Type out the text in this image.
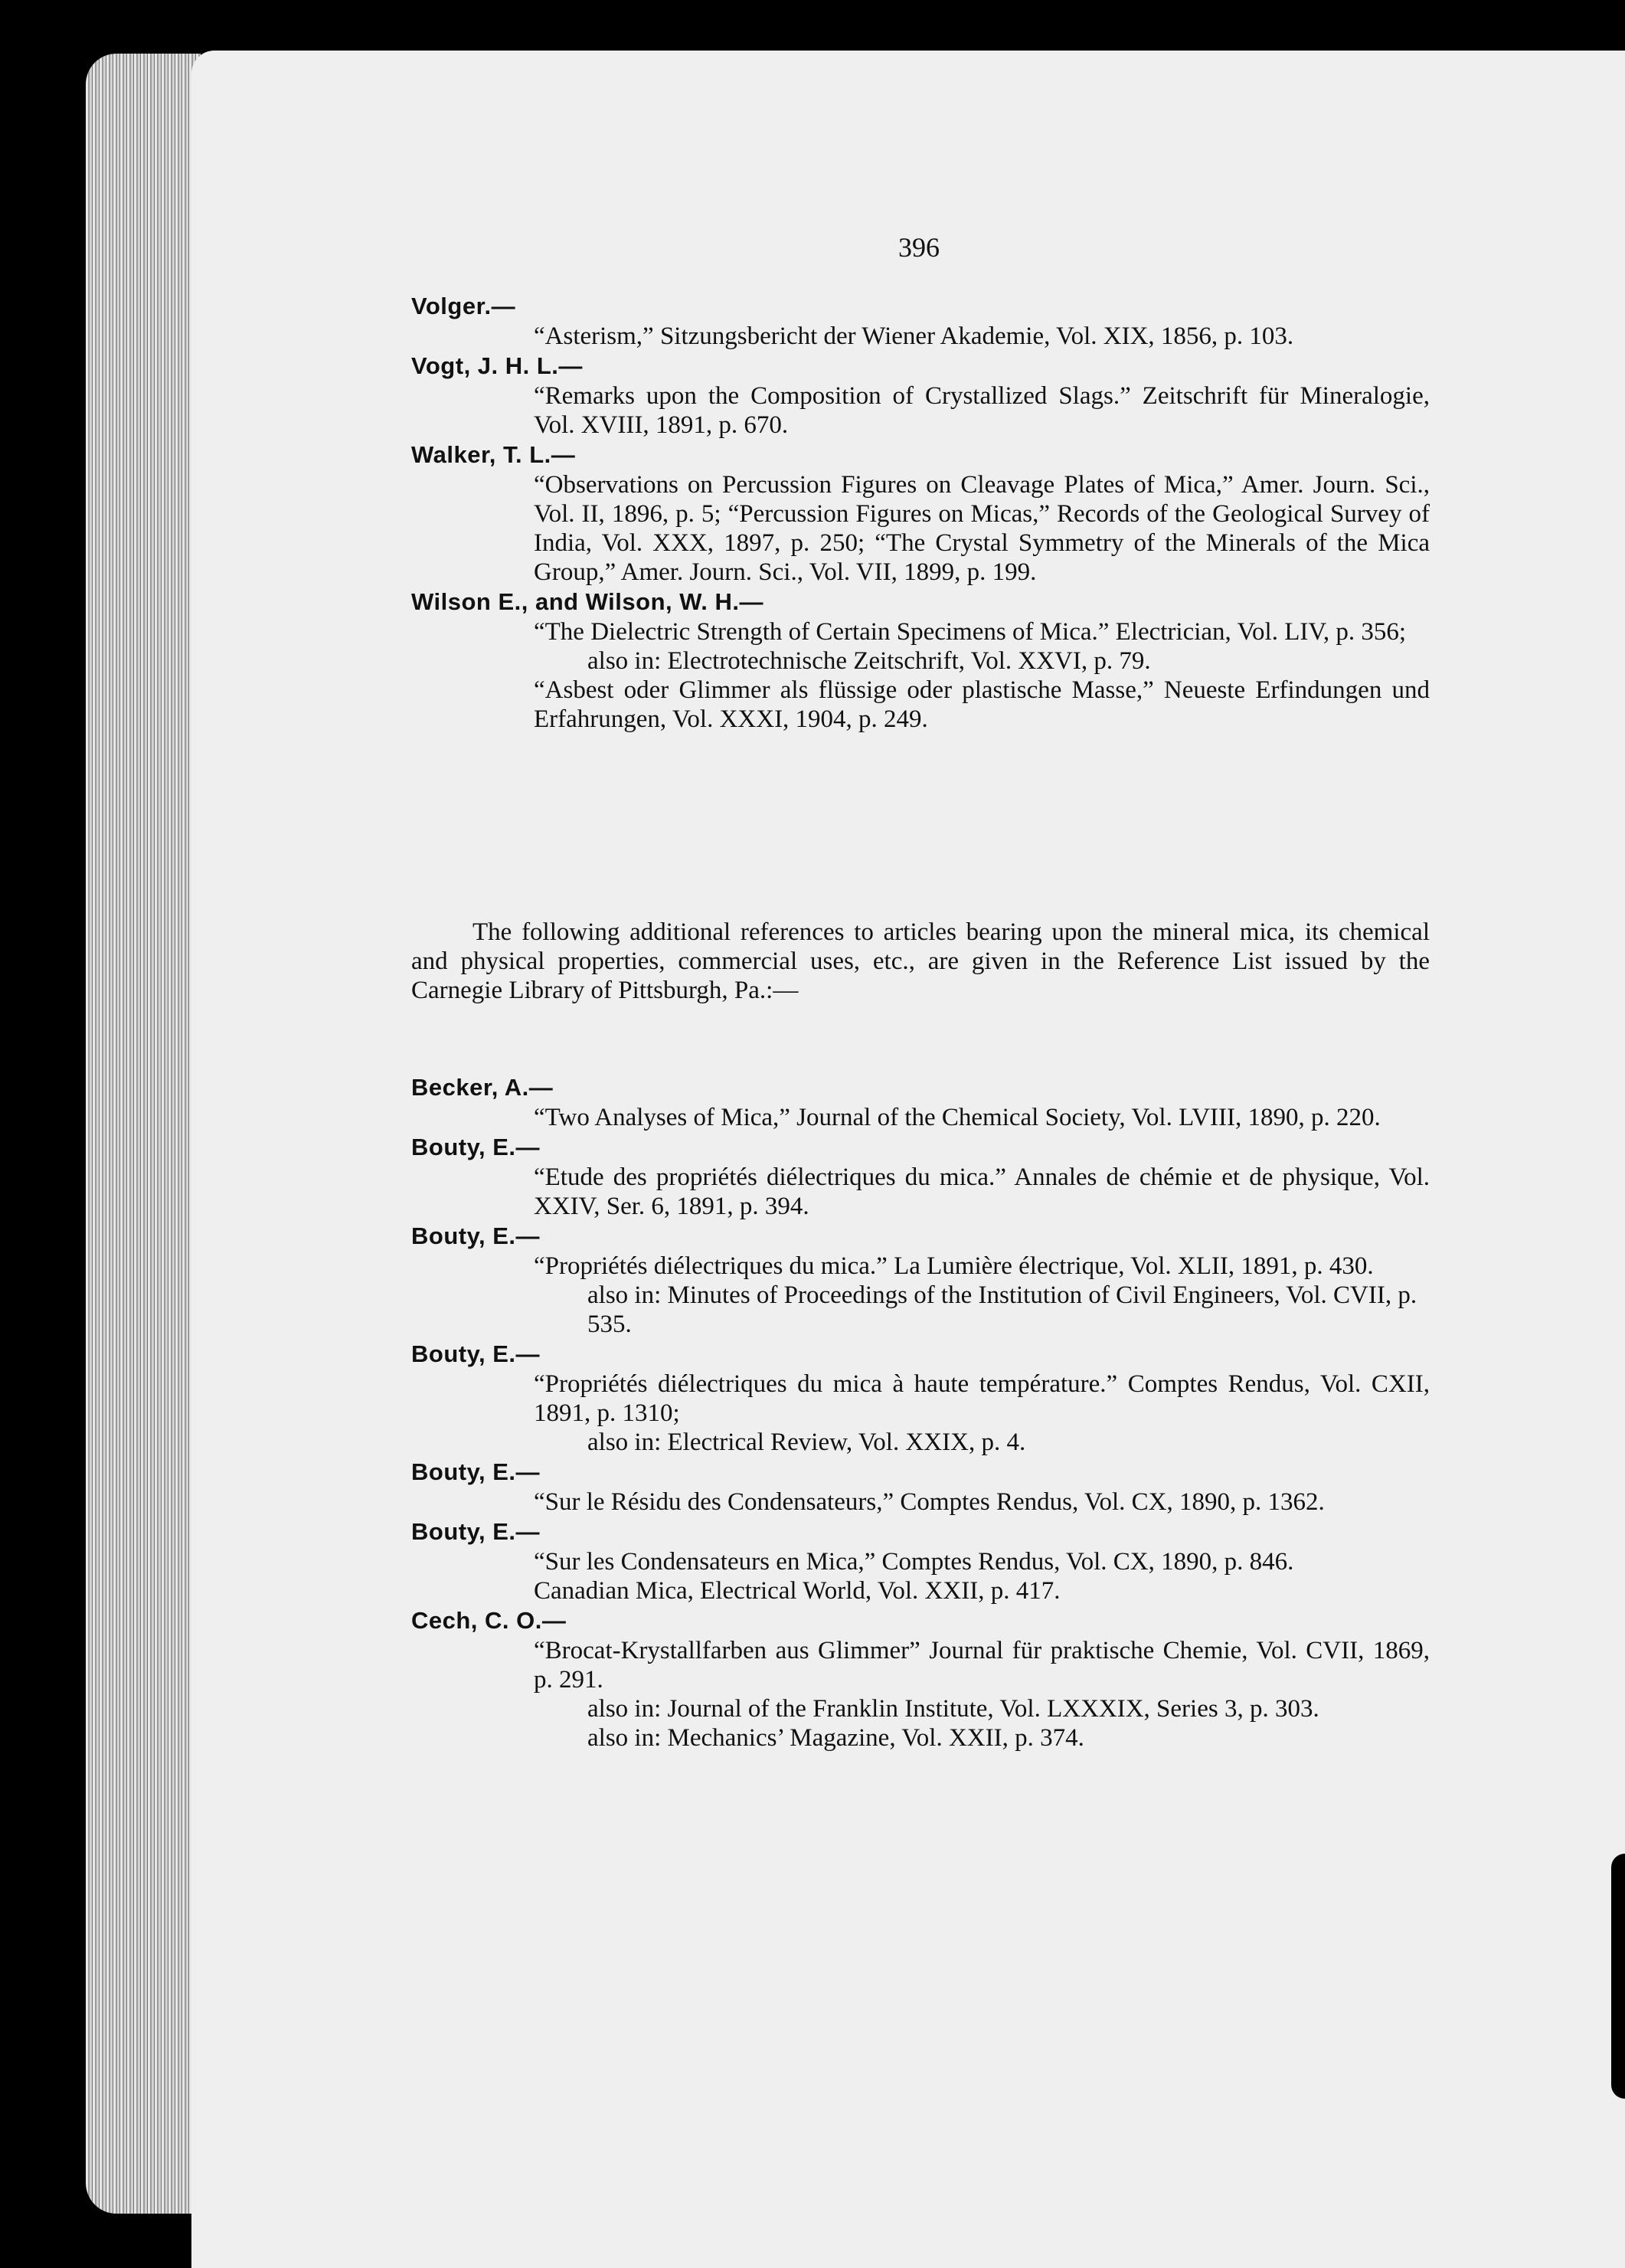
396
Volger.—
“Asterism,” Sitzungsbericht der Wiener Akademie, Vol. XIX, 1856, p. 103.
Vogt, J. H. L.—
“Remarks upon the Composition of Crystallized Slags.” Zeitschrift für Mineralogie, Vol. XVIII, 1891, p. 670.
Walker, T. L.—
“Observations on Percussion Figures on Cleavage Plates of Mica,” Amer. Journ. Sci., Vol. II, 1896, p. 5; “Percussion Figures on Micas,” Records of the Geological Survey of India, Vol. XXX, 1897, p. 250; “The Crystal Symmetry of the Minerals of the Mica Group,” Amer. Journ. Sci., Vol. VII, 1899, p. 199.
Wilson E., and Wilson, W. H.—
“The Dielectric Strength of Certain Specimens of Mica.” Electrician, Vol. LIV, p. 356;
also in: Electrotechnische Zeitschrift, Vol. XXVI, p. 79.
“Asbest oder Glimmer als flüssige oder plastische Masse,” Neueste Erfindungen und Erfahrungen, Vol. XXXI, 1904, p. 249.
The following additional references to articles bearing upon the mineral mica, its chemical and physical properties, commercial uses, etc., are given in the Reference List issued by the Carnegie Library of Pittsburgh, Pa.:—
Becker, A.—
“Two Analyses of Mica,” Journal of the Chemical Society, Vol. LVIII, 1890, p. 220.
Bouty, E.—
“Etude des propriétés diélectriques du mica.” Annales de chémie et de physique, Vol. XXIV, Ser. 6, 1891, p. 394.
Bouty, E.—
“Propriétés diélectriques du mica.” La Lumière électrique, Vol. XLII, 1891, p. 430.
also in: Minutes of Proceedings of the Institution of Civil Engineers, Vol. CVII, p. 535.
Bouty, E.—
“Propriétés diélectriques du mica à haute température.” Comptes Rendus, Vol. CXII, 1891, p. 1310;
also in: Electrical Review, Vol. XXIX, p. 4.
Bouty, E.—
“Sur le Résidu des Condensateurs,” Comptes Rendus, Vol. CX, 1890, p. 1362.
Bouty, E.—
“Sur les Condensateurs en Mica,” Comptes Rendus, Vol. CX, 1890, p. 846.
Canadian Mica, Electrical World, Vol. XXII, p. 417.
Cech, C. O.—
“Brocat-Krystallfarben aus Glimmer” Journal für praktische Chemie, Vol. CVII, 1869, p. 291.
also in: Journal of the Franklin Institute, Vol. LXXXIX, Series 3, p. 303.
also in: Mechanics’ Magazine, Vol. XXII, p. 374.
